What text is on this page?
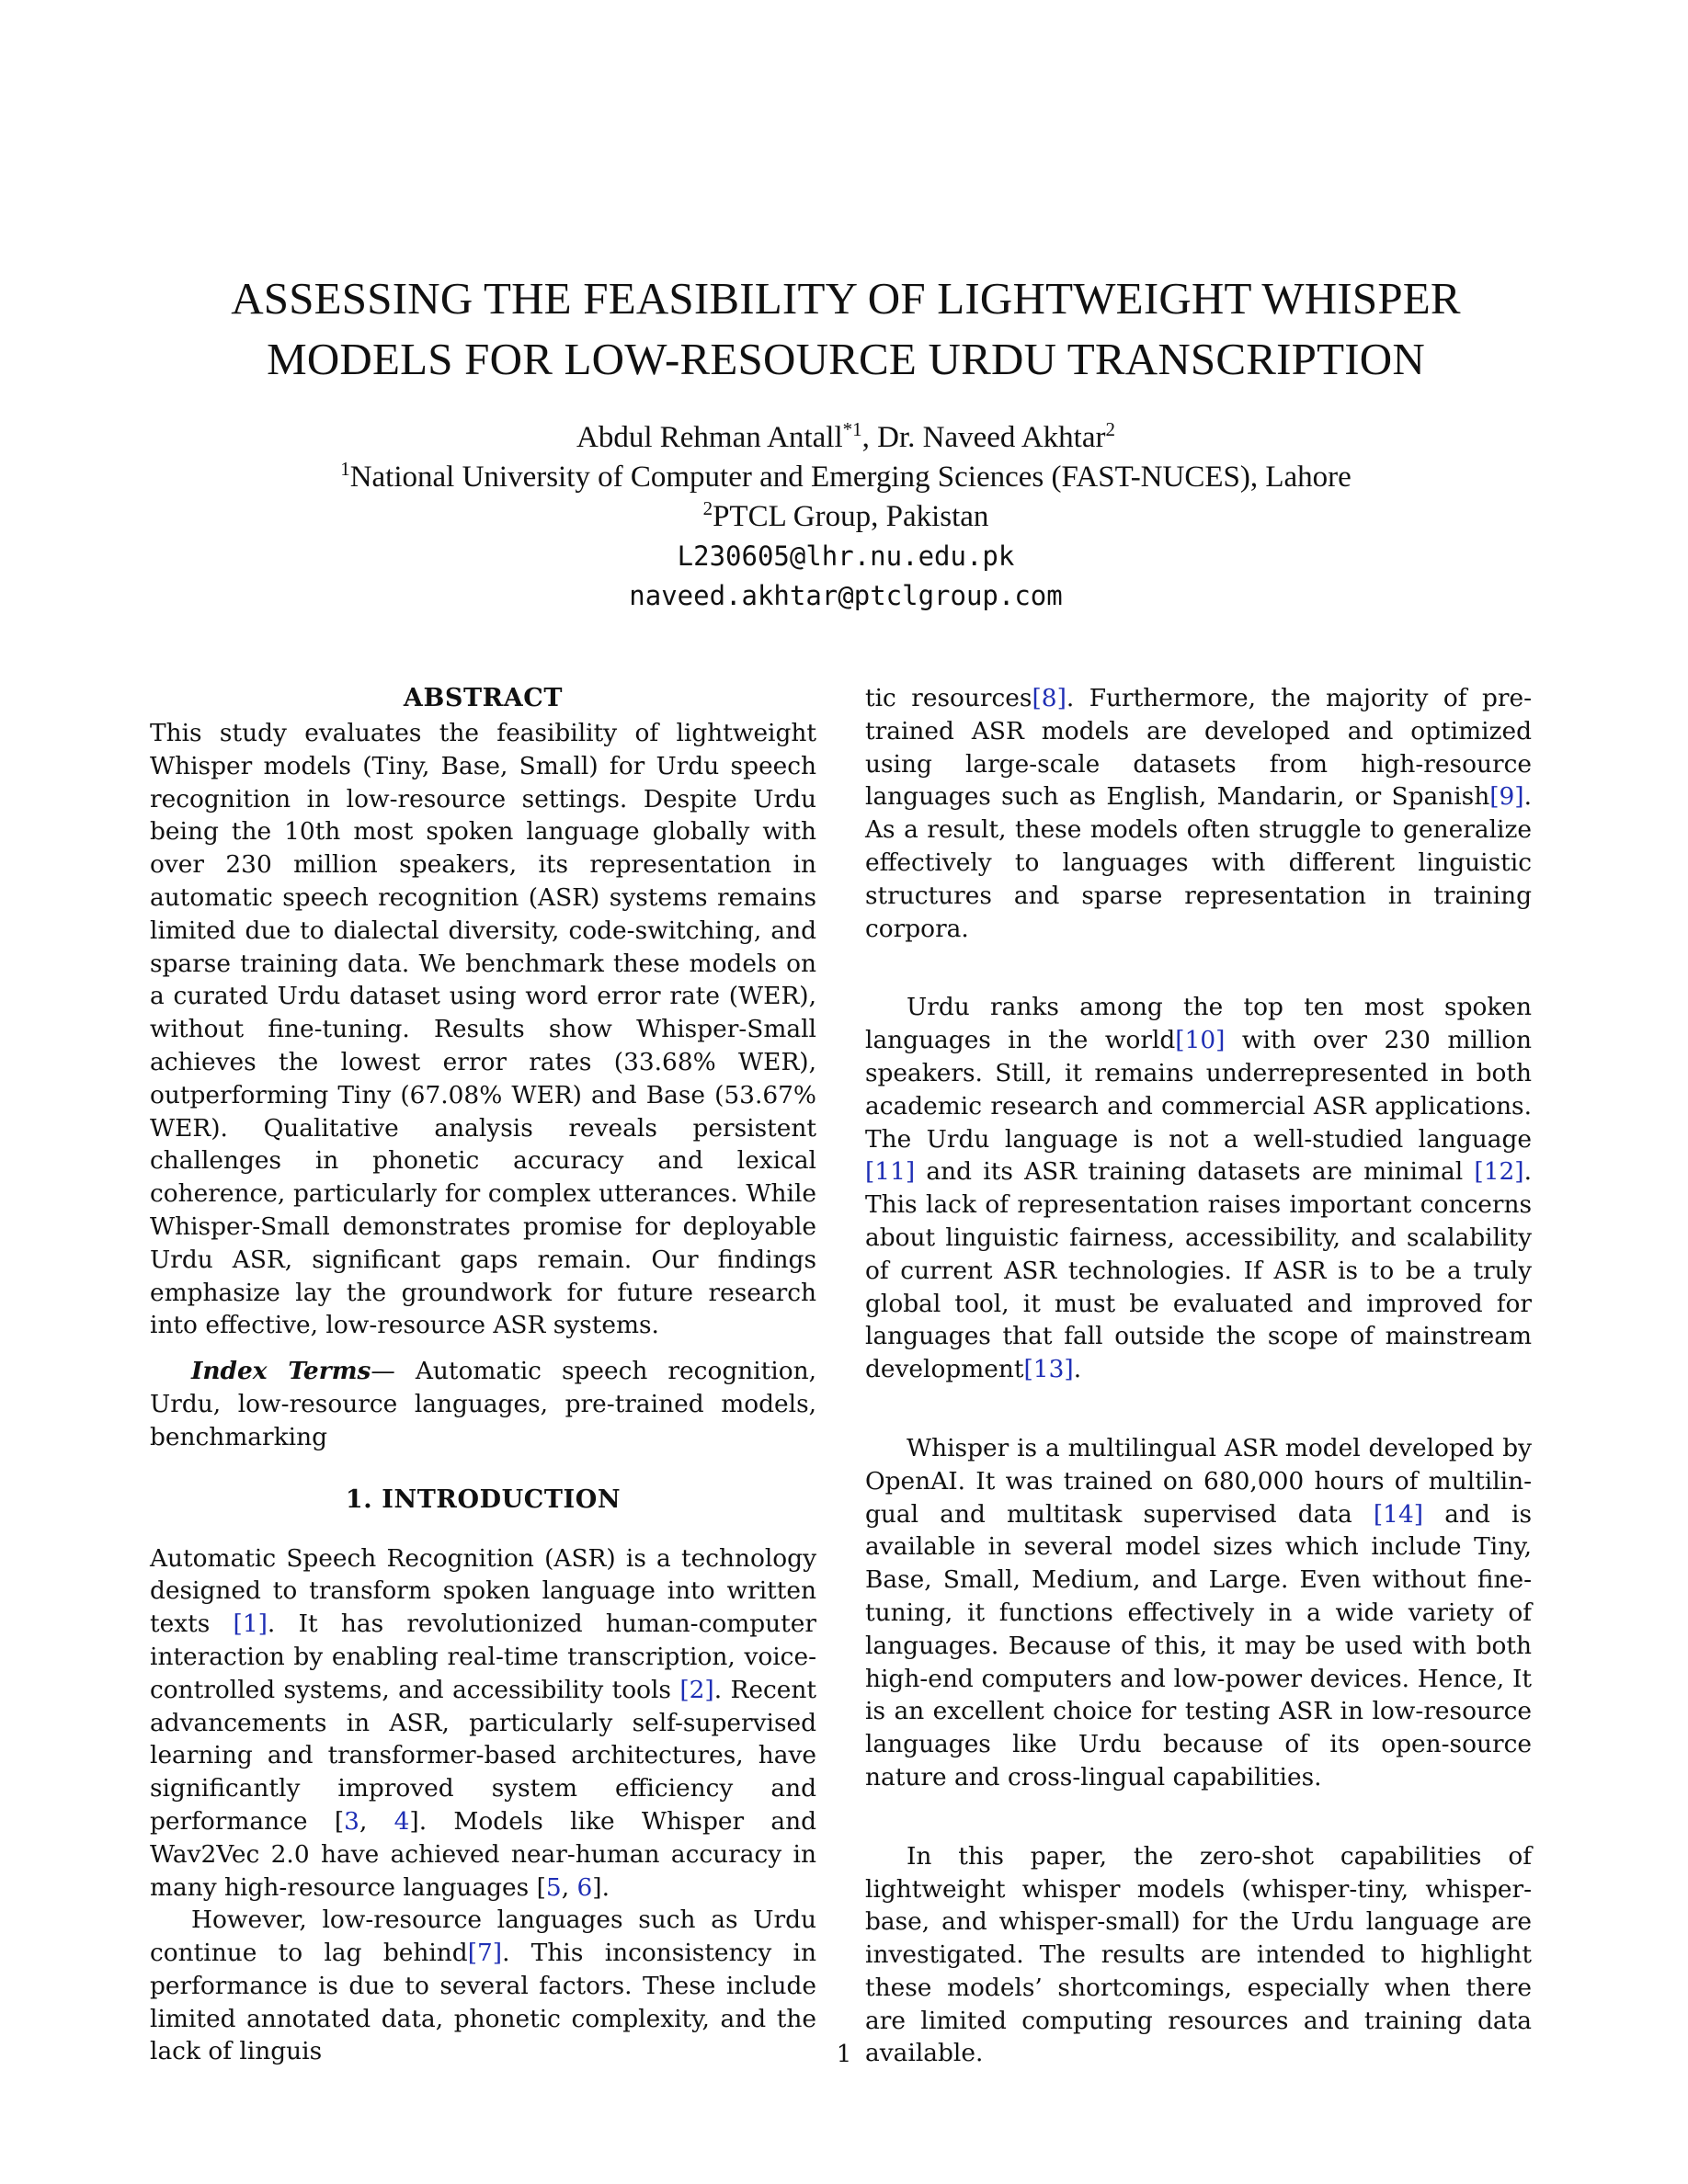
ASSESSING THE FEASIBILITY OF LIGHTWEIGHT WHISPER
MODELS FOR LOW-RESOURCE URDU TRANSCRIPTION
Abdul Rehman Antall$^{*1}$, Dr. Naveed Akhtar$^2$
$^1$National University of Computer and Emerging Sciences (FAST-NUCES), Lahore
$^2$PTCL Group, Pakistan
L230605@lhr.nu.edu.pk
naveed.akhtar@ptclgroup.com
ABSTRACT

This study evaluates the feasibility of lightweight Whisper models (Tiny, Base, Small) for Urdu speech recognition in low-resource settings. Despite Urdu being the 10th most spoken language globally with over 230 million speakers, its representation in automatic speech recognition (ASR) systems remains limited due to dialectal diversity, code-switching, and sparse training data. We benchmark these models on a curated Urdu dataset using word error rate (WER), without fine-tuning. Results show Whisper-Small achieves the lowest error rates (33.68% WER), outperforming Tiny (67.08% WER) and Base (53.67% WER). Qualitative analysis reveals persistent challenges in phonetic accuracy and lexical coherence, particularly for complex utterances. While Whisper-Small demonstrates promise for deployable Urdu ASR, significant gaps remain. Our findings emphasize lay the groundwork for future research into effective, low-resource ASR systems.

Index Terms— Automatic speech recognition, Urdu, low-resource languages, pre-trained models, benchmarking

1. INTRODUCTION

Automatic Speech Recognition (ASR) is a technology designed to transform spoken language into written texts [1]. It has revolutionized human-computer interaction by enabling real-time transcription, voice-controlled systems, and accessibility tools [2]. Recent advancements in ASR, particularly self-supervised learning and transformer-based architectures, have significantly improved system efficiency and performance [3, 4]. Models like Whisper and Wav2Vec 2.0 have achieved near-human accuracy in many high-resource languages [5, 6].

However, low-resource languages such as Urdu continue to lag behind[7]. This inconsistency in performance is due to several factors. These include limited annotated data, phonetic complexity, and the lack of linguis

tic resources[8]. Furthermore, the majority of pre-trained ASR models are developed and optimized using large-scale datasets from high-resource languages such as English, Mandarin, or Spanish[9]. As a result, these models often struggle to generalize effectively to languages with different linguistic structures and sparse representation in training corpora.

Urdu ranks among the top ten most spoken languages in the world[10] with over 230 million speakers. Still, it remains underrepresented in both academic research and commercial ASR applications. The Urdu language is not a well-studied language [11] and its ASR training datasets are minimal [12]. This lack of representation raises important concerns about linguistic fairness, accessibility, and scalability of current ASR technologies. If ASR is to be a truly global tool, it must be evaluated and improved for languages that fall outside the scope of mainstream development[13].

Whisper is a multilingual ASR model developed by OpenAI. It was trained on 680,000 hours of multilingual and multitask supervised data [14] and is available in several model sizes which include Tiny, Base, Small, Medium, and Large. Even without fine-tuning, it functions effectively in a wide variety of languages. Because of this, it may be used with both high-end computers and low-power devices. Hence, It is an excellent choice for testing ASR in low-resource languages like Urdu because of its open-source nature and cross-lingual capabilities.

In this paper, the zero-shot capabilities of lightweight whisper models (whisper-tiny, whisper-base, and whisper-small) for the Urdu language are investigated. The results are intended to highlight these models’ shortcomings, especially when there are limited computing resources and training data available.

1
